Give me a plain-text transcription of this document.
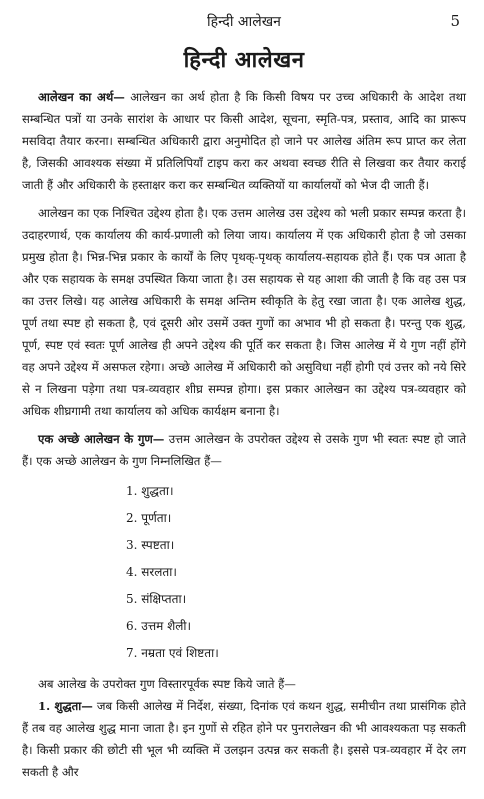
हिन्दी आलेखन	5
हिन्दी आलेखन

आलेखन का अर्थ— आलेखन का अर्थ होता है कि किसी विषय पर उच्च अधिकारी के आदेश तथा सम्बन्धित पत्रों या उनके सारांश के आधार पर किसी आदेश, सूचना, स्मृति-पत्र, प्रस्ताव, आदि का प्रारूप मसविदा तैयार करना। सम्बन्धित अधिकारी द्वारा अनुमोदित हो जाने पर आलेख अंतिम रूप प्राप्त कर लेता है, जिसकी आवश्यक संख्या में प्रतिलिपियाँ टाइप करा कर अथवा स्वच्छ रीति से लिखवा कर तैयार कराई जाती हैं और अधिकारी के हस्ताक्षर करा कर सम्बन्धित व्यक्तियों या कार्यालयों को भेज दी जाती हैं।

आलेखन का एक निश्चित उद्देश्य होता है। एक उत्तम आलेख उस उद्देश्य को भली प्रकार सम्पन्न करता है। उदाहरणार्थ, एक कार्यालय की कार्य-प्रणाली को लिया जाय। कार्यालय में एक अधिकारी होता है जो उसका प्रमुख होता है। भिन्न-भिन्न प्रकार के कार्यों के लिए पृथक्-पृथक् कार्यालय-सहायक होते हैं। एक पत्र आता है और एक सहायक के समक्ष उपस्थित किया जाता है। उस सहायक से यह आशा की जाती है कि वह उस पत्र का उत्तर लिखे। यह आलेख अधिकारी के समक्ष अन्तिम स्वीकृति के हेतु रखा जाता है। एक आलेख शुद्ध, पूर्ण तथा स्पष्ट हो सकता है, एवं दूसरी ओर उसमें उक्त गुणों का अभाव भी हो सकता है। परन्तु एक शुद्ध, पूर्ण, स्पष्ट एवं स्वतः पूर्ण आलेख ही अपने उद्देश्य की पूर्ति कर सकता है। जिस आलेख में ये गुण नहीं होंगे वह अपने उद्देश्य में असफल रहेगा। अच्छे आलेख में अधिकारी को असुविधा नहीं होगी एवं उत्तर को नये सिरे से न लिखना पड़ेगा तथा पत्र-व्यवहार शीघ्र सम्पन्न होगा। इस प्रकार आलेखन का उद्देश्य पत्र-व्यवहार को अधिक शीघ्रगामी तथा कार्यालय को अधिक कार्यक्षम बनाना है।

एक अच्छे आलेखन के गुण— उत्तम आलेखन के उपरोक्त उद्देश्य से उसके गुण भी स्वतः स्पष्ट हो जाते हैं। एक अच्छे आलेखन के गुण निम्नलिखित हैं—

1. शुद्धता।
2. पूर्णता।
3. स्पष्टता।
4. सरलता।
5. संक्षिप्तता।
6. उत्तम शैली।
7. नम्रता एवं शिष्टता।

अब आलेख के उपरोक्त गुण विस्तारपूर्वक स्पष्ट किये जाते हैं—

1. शुद्धता— जब किसी आलेख में निर्देश, संख्या, दिनांक एवं कथन शुद्ध, समीचीन तथा प्रासंगिक होते हैं तब वह आलेख शुद्ध माना जाता है। इन गुणों से रहित होने पर पुनरालेखन की भी आवश्यकता पड़ सकती है। किसी प्रकार की छोटी सी भूल भी व्यक्ति में उलझन उत्पन्न कर सकती है। इससे पत्र-व्यवहार में देर लग सकती है और
